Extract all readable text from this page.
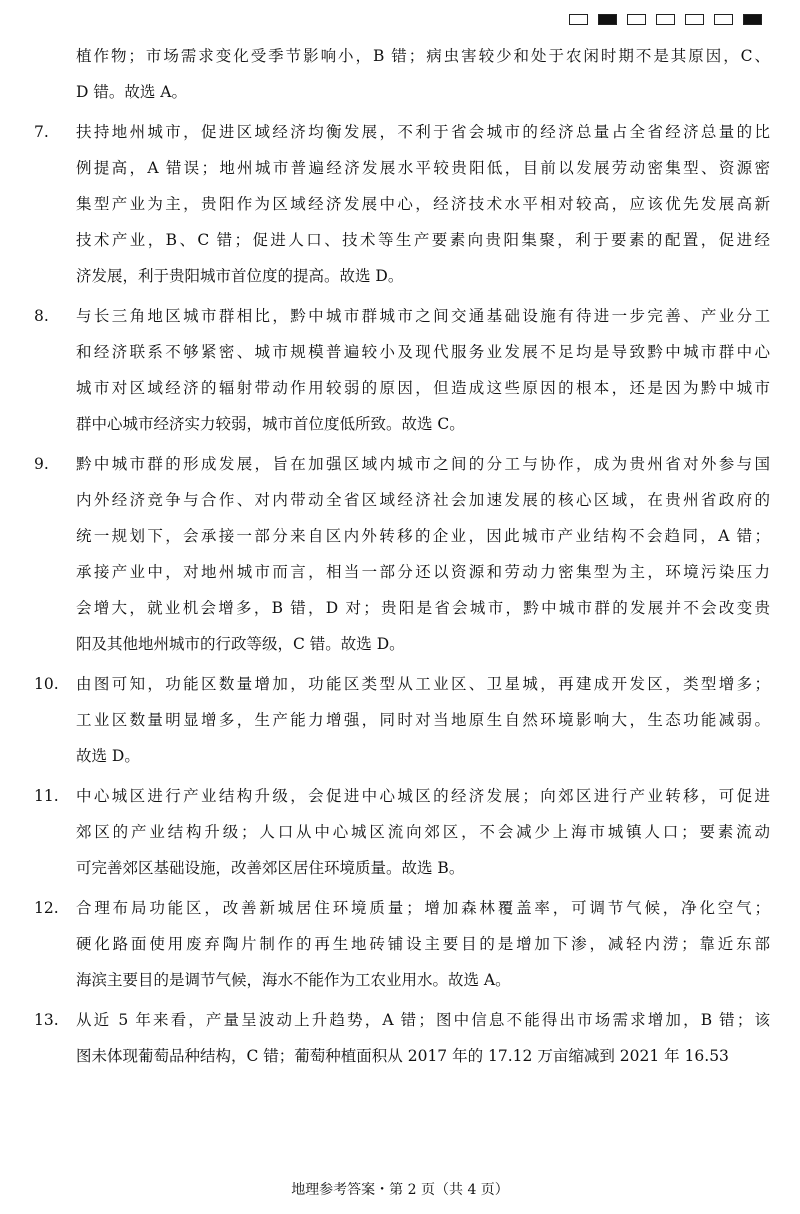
植作物；市场需求变化受季节影响小，B 错；病虫害较少和处于农闲时期不是其原因，C、
D 错。故选 A。
7. 扶持地州城市，促进区域经济均衡发展，不利于省会城市的经济总量占全省经济总量的比
例提高，A 错误；地州城市普遍经济发展水平较贵阳低，目前以发展劳动密集型、资源密
集型产业为主，贵阳作为区域经济发展中心，经济技术水平相对较高，应该优先发展高新
技术产业，B、C 错；促进人口、技术等生产要素向贵阳集聚，利于要素的配置，促进经
济发展，利于贵阳城市首位度的提高。故选 D。
8. 与长三角地区城市群相比，黔中城市群城市之间交通基础设施有待进一步完善、产业分工
和经济联系不够紧密、城市规模普遍较小及现代服务业发展不足均是导致黔中城市群中心
城市对区域经济的辐射带动作用较弱的原因，但造成这些原因的根本，还是因为黔中城市
群中心城市经济实力较弱，城市首位度低所致。故选 C。
9. 黔中城市群的形成发展，旨在加强区域内城市之间的分工与协作，成为贵州省对外参与国
内外经济竞争与合作、对内带动全省区域经济社会加速发展的核心区域，在贵州省政府的
统一规划下，会承接一部分来自区内外转移的企业，因此城市产业结构不会趋同，A 错；
承接产业中，对地州城市而言，相当一部分还以资源和劳动力密集型为主，环境污染压力
会增大，就业机会增多，B 错，D 对；贵阳是省会城市，黔中城市群的发展并不会改变贵
阳及其他地州城市的行政等级，C 错。故选 D。
10. 由图可知，功能区数量增加，功能区类型从工业区、卫星城，再建成开发区，类型增多；
工业区数量明显增多，生产能力增强，同时对当地原生自然环境影响大，生态功能减弱。
故选 D。
11. 中心城区进行产业结构升级，会促进中心城区的经济发展；向郊区进行产业转移，可促进
郊区的产业结构升级；人口从中心城区流向郊区，不会减少上海市城镇人口；要素流动
可完善郊区基础设施，改善郊区居住环境质量。故选 B。
12. 合理布局功能区，改善新城居住环境质量；增加森林覆盖率，可调节气候，净化空气；
硬化路面使用废弃陶片制作的再生地砖铺设主要目的是增加下渗，减轻内涝；靠近东部
海滨主要目的是调节气候，海水不能作为工农业用水。故选 A。
13. 从近 5 年来看，产量呈波动上升趋势，A 错；图中信息不能得出市场需求增加，B 错；该
图未体现葡萄品种结构，C 错；葡萄种植面积从 2017 年的 17.12 万亩缩减到 2021 年 16.53
地理参考答案・第 2 页（共 4 页）
